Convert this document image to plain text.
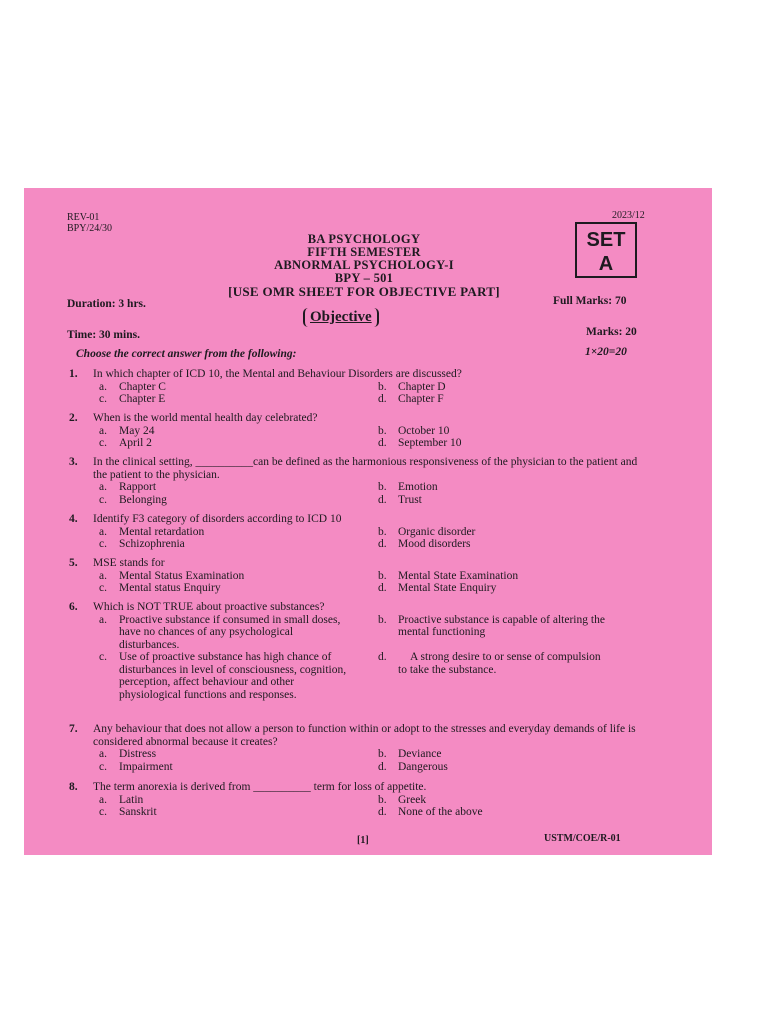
REV-01
BPY/24/30
2023/12
BA PSYCHOLOGY
FIFTH SEMESTER
ABNORMAL PSYCHOLOGY-I
BPY – 501
[USE OMR SHEET FOR OBJECTIVE PART]
SET
A
Duration: 3 hrs.	Full Marks: 70
Objective
Time: 30 mins.	Marks: 20
Choose the correct answer from the following:	1×20=20
1. In which chapter of ICD 10, the Mental and Behaviour Disorders are discussed?
a.	Chapter C	b. Chapter D
c.	Chapter E	d. Chapter F
2. When is the world mental health day celebrated?
a.	May 24	b. October 10
c.	April 2	d. September 10
3. In the clinical setting, __________can be defined as the harmonious responsiveness of the physician to the patient and the patient to the physician.
a.	Rapport	b. Emotion
c.	Belonging	d. Trust
4. Identify F3 category of disorders according to ICD 10
a.	Mental retardation	b. Organic disorder
c.	Schizophrenia	d. Mood disorders
5. MSE stands for
a.	Mental Status Examination	b. Mental State Examination
c.	Mental status Enquiry	d. Mental State Enquiry
6. Which is NOT TRUE about proactive substances?
a.	Proactive substance if consumed in small doses, have no chances of any psychological disturbances.
b. Proactive substance is capable of altering the mental functioning
c.	Use of proactive substance has high chance of disturbances in level of consciousness, cognition, perception, affect behaviour and other physiological functions and responses.
d.	A strong desire to or sense of compulsion to take the substance.
7. Any behaviour that does not allow a person to function within or adopt to the stresses and everyday demands of life is considered abnormal because it creates?
a.	Distress	b. Deviance
c.	Impairment	d. Dangerous
8. The term anorexia is derived from __________ term for loss of appetite.
a.	Latin	b. Greek
c.	Sanskrit	d. None of the above
[1]	USTM/COE/R-01
